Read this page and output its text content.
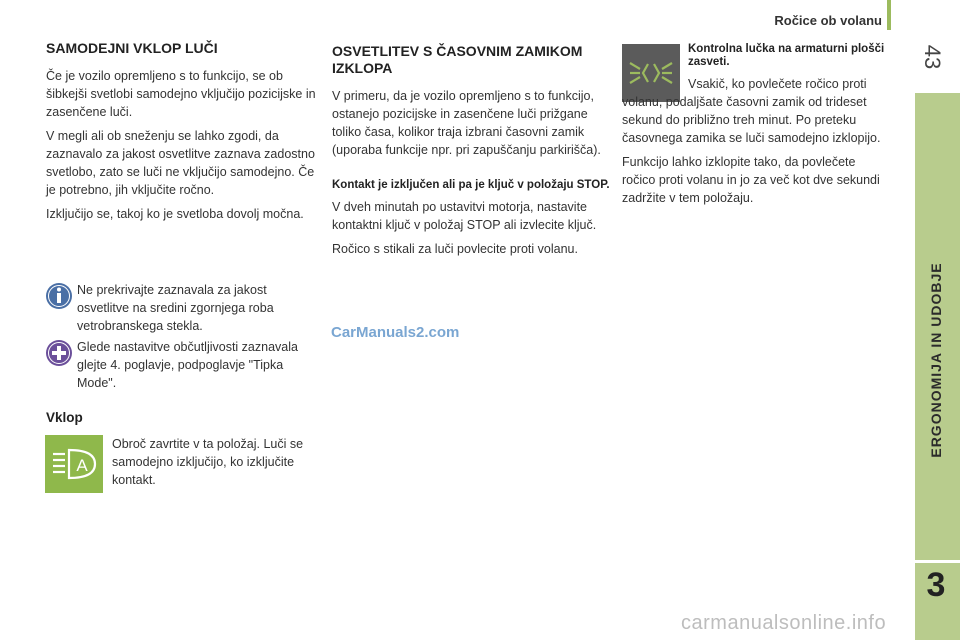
Ročice ob volanu
43
ERGONOMIJA IN UDOBJE
3
SAMODEJNI VKLOP LUČI

Če je vozilo opremljeno s to funkcijo, se ob šibkejši svetlobi samodejno vključijo pozicijske in zasenčene luči.

V megli ali ob sneženju se lahko zgodi, da zaznavalo za jakost osvetlitve zaznava zadostno svetlobo, zato se luči ne vključijo samodejno. Če je potrebno, jih vključite ročno.

Izključijo se, takoj ko je svetloba dovolj močna.

Ne prekrivajte zaznavala za jakost osvetlitve na sredini zgornjega roba vetrobranskega stekla.

Glede nastavitve občutljivosti zaznavala glejte 4. poglavje, podpoglavje "Tipka Mode".

Vklop
A
Obroč zavrtite v ta položaj. Luči se samodejno izključijo, ko izključite kontakt.
OSVETLITEV S ČASOVNIM ZAMIKOM IZKLOPA

V primeru, da je vozilo opremljeno s to funkcijo, ostanejo pozicijske in zasenčene luči prižgane toliko časa, kolikor traja izbrani časovni zamik (uporaba funkcije npr. pri zapuščanju parkirišča).

Kontakt je izključen ali pa je ključ v položaju STOP.

V dveh minutah po ustavitvi motorja, nastavite kontaktni ključ v položaj STOP ali izvlecite ključ.

Ročico s stikali za luči povlecite proti volanu.

CarManuals2.com
Kontrolna lučka na armaturni plošči zasveti.

Vsakič, ko povlečete ročico proti volanu, podaljšate časovni zamik od trideset sekund do približno treh minut. Po preteku časovnega zamika se luči samodejno izklopijo.

Funkcijo lahko izklopite tako, da povlečete ročico proti volanu in jo za več kot dve sekundi zadržite v tem položaju.

carmanualsonline.info
